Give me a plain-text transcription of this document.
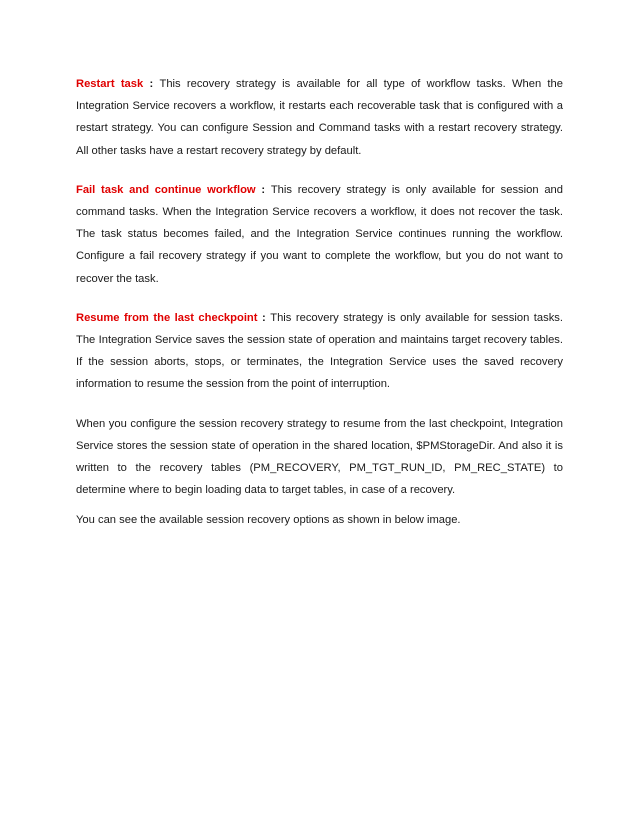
Restart task : This recovery strategy is available for all type of workflow tasks. When the Integration Service recovers a workflow, it restarts each recoverable task that is configured with a restart strategy. You can configure Session and Command tasks with a restart recovery strategy. All other tasks have a restart recovery strategy by default.

Fail task and continue workflow : This recovery strategy is only available for session and command tasks. When the Integration Service recovers a workflow, it does not recover the task. The task status becomes failed, and the Integration Service continues running the workflow. Configure a fail recovery strategy if you want to complete the workflow, but you do not want to recover the task.

Resume from the last checkpoint : This recovery strategy is only available for session tasks. The Integration Service saves the session state of operation and maintains target recovery tables. If the session aborts, stops, or terminates, the Integration Service uses the saved recovery information to resume the session from the point of interruption.

When you configure the session recovery strategy to resume from the last checkpoint, Integration Service stores the session state of operation in the shared location, $PMStorageDir. And also it is written to the recovery tables (PM_RECOVERY, PM_TGT_RUN_ID, PM_REC_STATE) to determine where to begin loading data to target tables, in case of a recovery.

You can see the available session recovery options as shown in below image.
